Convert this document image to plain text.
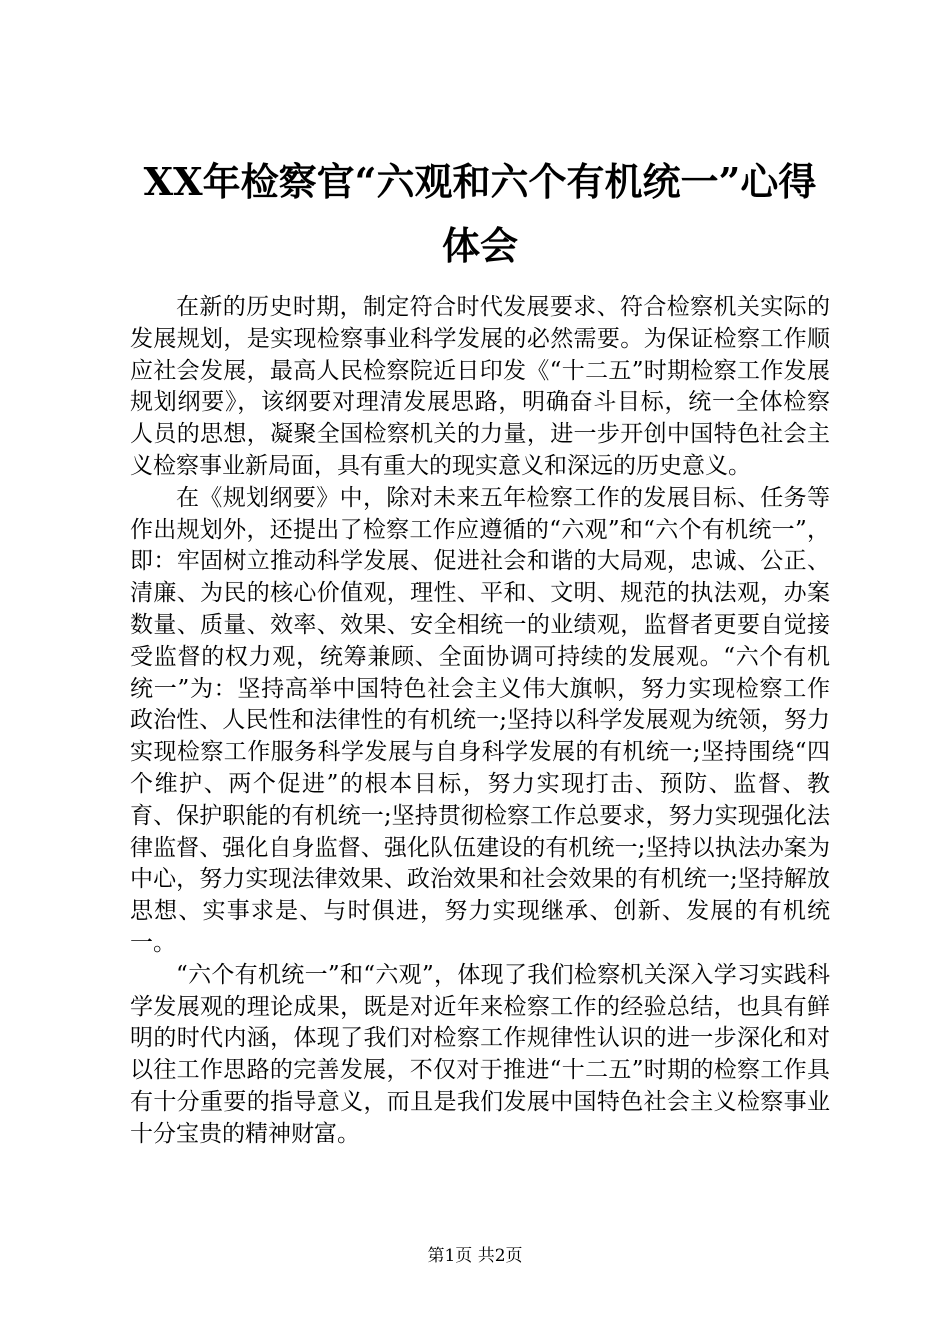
XX年检察官“六观和六个有机统一”心得体会

在新的历史时期，制定符合时代发展要求、符合检察机关实际的发展规划，是实现检察事业科学发展的必然需要。为保证检察工作顺应社会发展，最高人民检察院近日印发《“十二五”时期检察工作发展规划纲要》，该纲要对理清发展思路，明确奋斗目标，统一全体检察人员的思想，凝聚全国检察机关的力量，进一步开创中国特色社会主义检察事业新局面，具有重大的现实意义和深远的历史意义。

在《规划纲要》中，除对未来五年检察工作的发展目标、任务等作出规划外，还提出了检察工作应遵循的“六观”和“六个有机统一”，即：牢固树立推动科学发展、促进社会和谐的大局观，忠诚、公正、清廉、为民的核心价值观，理性、平和、文明、规范的执法观，办案数量、质量、效率、效果、安全相统一的业绩观，监督者更要自觉接受监督的权力观，统筹兼顾、全面协调可持续的发展观。“六个有机统一”为：坚持高举中国特色社会主义伟大旗帜，努力实现检察工作政治性、人民性和法律性的有机统一;坚持以科学发展观为统领，努力实现检察工作服务科学发展与自身科学发展的有机统一;坚持围绕“四个维护、两个促进”的根本目标，努力实现打击、预防、监督、教育、保护职能的有机统一;坚持贯彻检察工作总要求，努力实现强化法律监督、强化自身监督、强化队伍建设的有机统一;坚持以执法办案为中心，努力实现法律效果、政治效果和社会效果的有机统一;坚持解放思想、实事求是、与时俱进，努力实现继承、创新、发展的有机统一。

“六个有机统一”和“六观”，体现了我们检察机关深入学习实践科学发展观的理论成果，既是对近年来检察工作的经验总结，也具有鲜明的时代内涵，体现了我们对检察工作规律性认识的进一步深化和对以往工作思路的完善发展，不仅对于推进“十二五”时期的检察工作具有十分重要的指导意义，而且是我们发展中国特色社会主义检察事业十分宝贵的精神财富。

第1页 共2页
